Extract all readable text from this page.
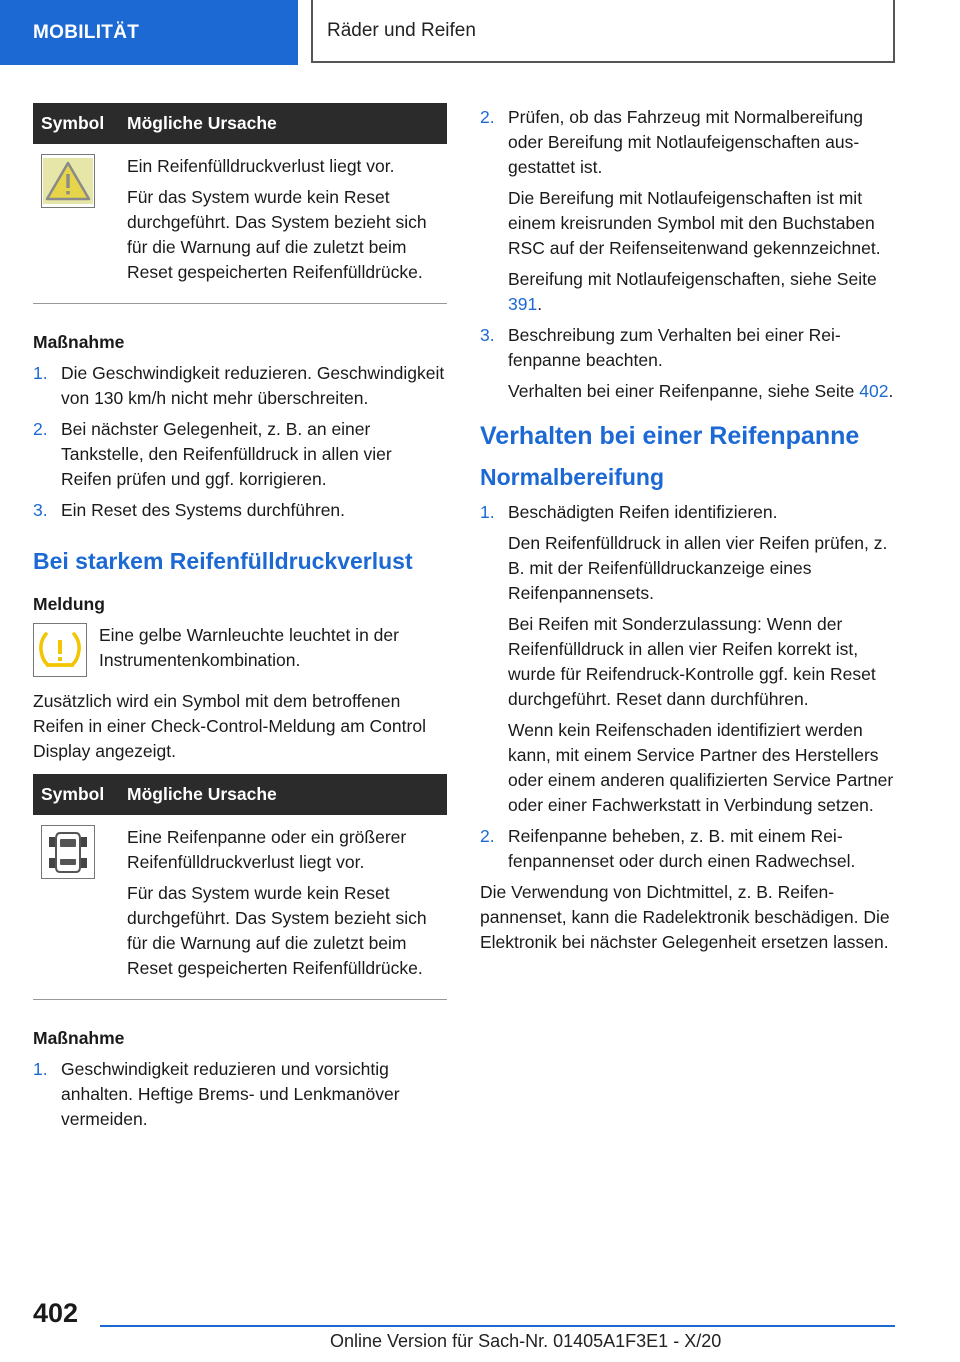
MOBILITÄT	Räder und Reifen
Symbol	Mögliche Ursache

Ein Reifenfülldruckverlust liegt vor.

Für das System wurde kein Reset durchgeführt. Das System bezieht sich für die Warnung auf die zuletzt beim Reset gespeicherten Reifenfülldrücke.

Maßnahme
1. Die Geschwindigkeit reduzieren. Geschwindigkeit von 130 km/h nicht mehr überschreiten.
2. Bei nächster Gelegenheit, z. B. an einer Tankstelle, den Reifenfülldruck in allen vier Reifen prüfen und ggf. korrigieren.
3. Ein Reset des Systems durchführen.
Bei starkem Reifenfülldruckverlust
Meldung
Eine gelbe Warnleuchte leuchtet in der Instrumentenkombination.

Zusätzlich wird ein Symbol mit dem betroffenen Reifen in einer Check-Control-Meldung am Control Display angezeigt.

Symbol	Mögliche Ursache

Eine Reifenpanne oder ein größerer Reifenfülldruckverlust liegt vor.

Für das System wurde kein Reset durchgeführt. Das System bezieht sich für die Warnung auf die zuletzt beim Reset gespeicherten Reifenfülldrücke.

Maßnahme
1. Geschwindigkeit reduzieren und vorsichtig anhalten. Heftige Brems- und Lenkmanöver vermeiden.
2. Prüfen, ob das Fahrzeug mit Normalbereifung oder Bereifung mit Notlaufeigenschaften ausgestattet ist.

Die Bereifung mit Notlaufeigenschaften ist mit einem kreisrunden Symbol mit den Buchstaben RSC auf der Reifenseitenwand gekennzeichnet.

Bereifung mit Notlaufeigenschaften, siehe Seite 391.

3. Beschreibung zum Verhalten bei einer Reifenpanne beachten.

Verhalten bei einer Reifenpanne, siehe Seite 402.

Verhalten bei einer Reifenpanne
Normalbereifung
1. Beschädigten Reifen identifizieren.

Den Reifenfülldruck in allen vier Reifen prüfen, z. B. mit der Reifenfülldruckanzeige eines Reifenpannensets.

Bei Reifen mit Sonderzulassung: Wenn der Reifenfülldruck in allen vier Reifen korrekt ist, wurde für Reifendruck-Kontrolle ggf. kein Reset durchgeführt. Reset dann durchführen.

Wenn kein Reifenschaden identifiziert werden kann, mit einem Service Partner des Herstellers oder einem anderen qualifizierten Service Partner oder einer Fachwerkstatt in Verbindung setzen.

2. Reifenpanne beheben, z. B. mit einem Reifenpannenset oder durch einen Radwechsel.

Die Verwendung von Dichtmittel, z. B. Reifenpannenset, kann die Radelektronik beschädigen. Die Elektronik bei nächster Gelegenheit ersetzen lassen.

402
Online Version für Sach-Nr. 01405A1F3E1 - X/20
